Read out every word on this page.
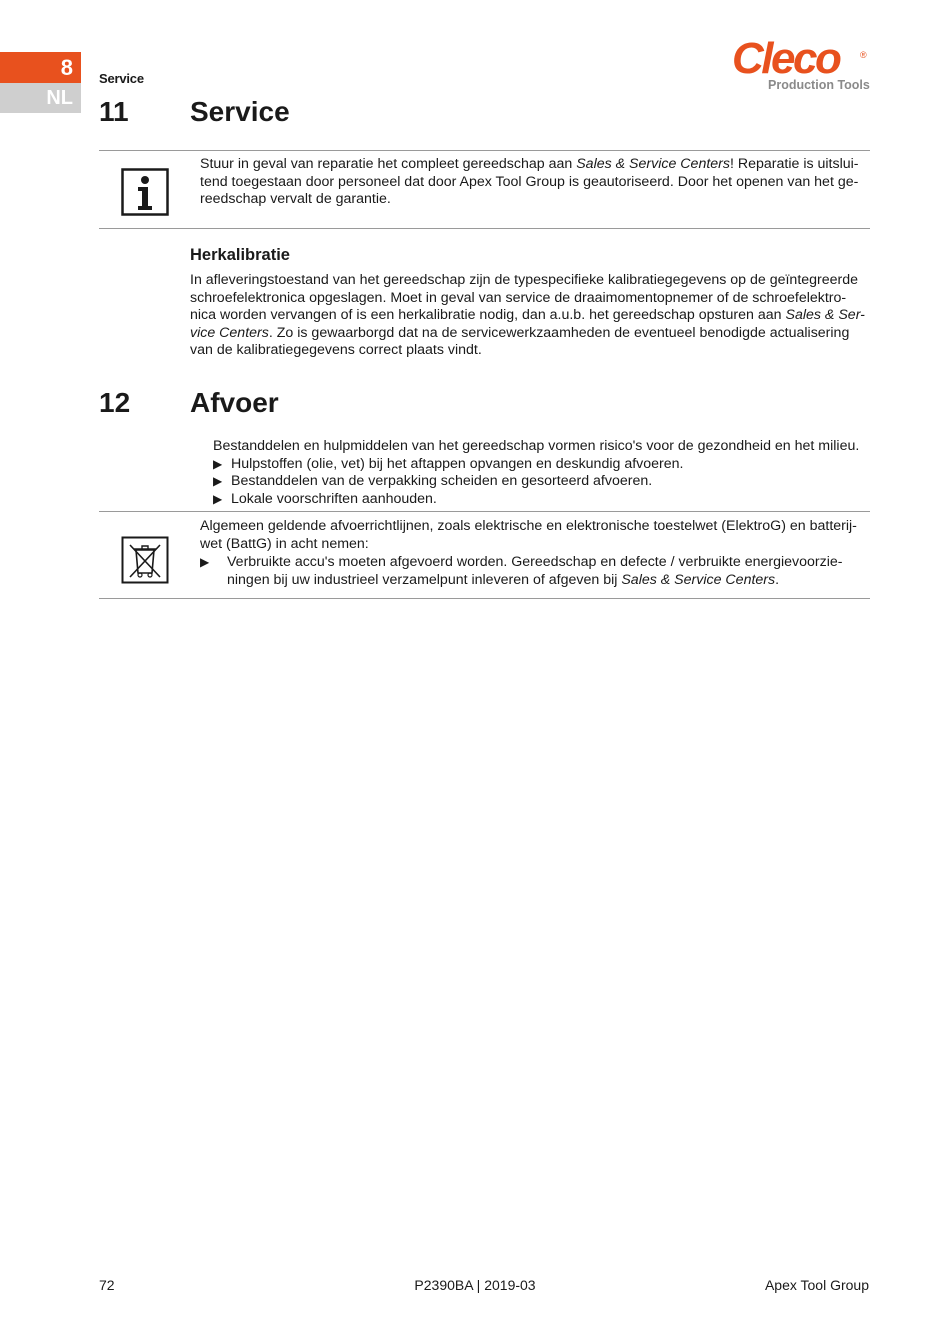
8
NL
Service	Cleco ®
Production Tools
11 Service
Stuur in geval van reparatie het compleet gereedschap aan Sales & Service Centers! Reparatie is uitslui-
tend toegestaan door personeel dat door Apex Tool Group is geautoriseerd. Door het openen van het ge-
reedschap vervalt de garantie.
Herkalibratie
In afleveringstoestand van het gereedschap zijn de typespecifieke kalibratiegegevens op de geïntegreerde
schroefelektronica opgeslagen. Moet in geval van service de draaimomentopnemer of de schroefelektro-
nica worden vervangen of is een herkalibratie nodig, dan a.u.b. het gereedschap opsturen aan Sales & Ser-
vice Centers. Zo is gewaarborgd dat na de servicewerkzaamheden de eventueel benodigde actualisering
van de kalibratiegegevens correct plaats vindt.
12 Afvoer
Bestanddelen en hulpmiddelen van het gereedschap vormen risico's voor de gezondheid en het milieu.
▶ Hulpstoffen (olie, vet) bij het aftappen opvangen en deskundig afvoeren.
▶ Bestanddelen van de verpakking scheiden en gesorteerd afvoeren.
▶ Lokale voorschriften aanhouden.
Algemeen geldende afvoerrichtlijnen, zoals elektrische en elektronische toestelwet (ElektroG) en batterij-
wet (BattG) in acht nemen:
▶	Verbruikte accu's moeten afgevoerd worden. Gereedschap en defecte / verbruikte energievoorzie-
ningen bij uw industrieel verzamelpunt inleveren of afgeven bij Sales & Service Centers.
72	P2390BA | 2019-03	Apex Tool Group
